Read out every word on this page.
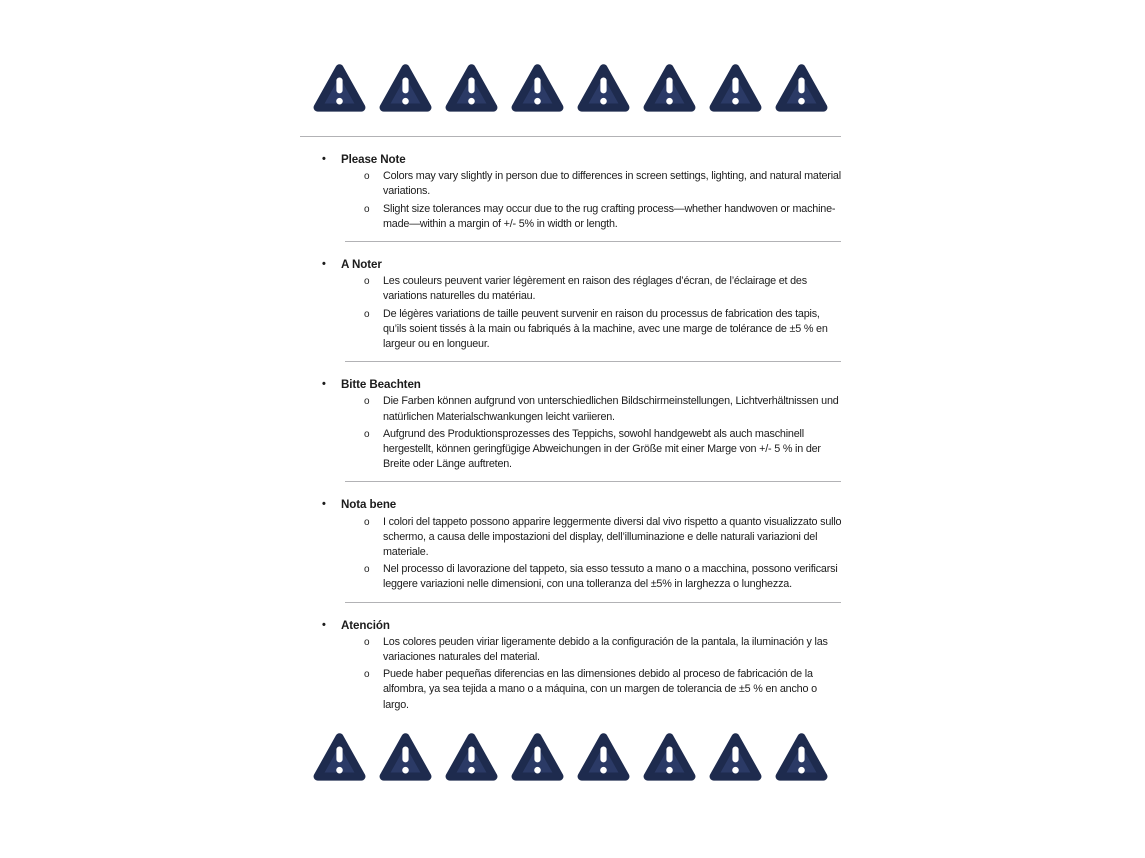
•	Please Note
o	Colors may vary slightly in person due to differences in screen settings, lighting, and natural material variations.
o	Slight size tolerances may occur due to the rug crafting process—whether handwoven or machine-made—within a margin of +/- 5% in width or length.
•	A Noter
o	Les couleurs peuvent varier légèrement en raison des réglages d’écran, de l’éclairage et des variations naturelles du matériau.
o	De légères variations de taille peuvent survenir en raison du processus de fabrication des tapis, qu’ils soient tissés à la main ou fabriqués à la machine, avec une marge de tolérance de ±5 % en largeur ou en longueur.
•	Bitte Beachten
o	Die Farben können aufgrund von unterschiedlichen Bildschirmeinstellungen, Lichtverhältnissen und natürlichen Materialschwankungen leicht variieren.
o	Aufgrund des Produktionsprozesses des Teppichs, sowohl handgewebt als auch maschinell hergestellt, können geringfügige Abweichungen in der Größe mit einer Marge von +/- 5 % in der Breite oder Länge auftreten.
•	Nota bene
o	I colori del tappeto possono apparire leggermente diversi dal vivo rispetto a quanto visualizzato sullo schermo, a causa delle impostazioni del display, dell’illuminazione e delle naturali variazioni del materiale.
o	Nel processo di lavorazione del tappeto, sia esso tessuto a mano o a macchina, possono verificarsi leggere variazioni nelle dimensioni, con una tolleranza del ±5% in larghezza o lunghezza.
•	Atención
o	Los colores peuden viriar ligeramente debido a la configuración de la pantala, la iluminación y las variaciones naturales del material.
o	Puede haber pequeñas diferencias en las dimensiones debido al proceso de fabricación de la alfombra, ya sea tejida a mano o a máquina, con un margen de tolerancia de ±5 % en ancho o largo.
